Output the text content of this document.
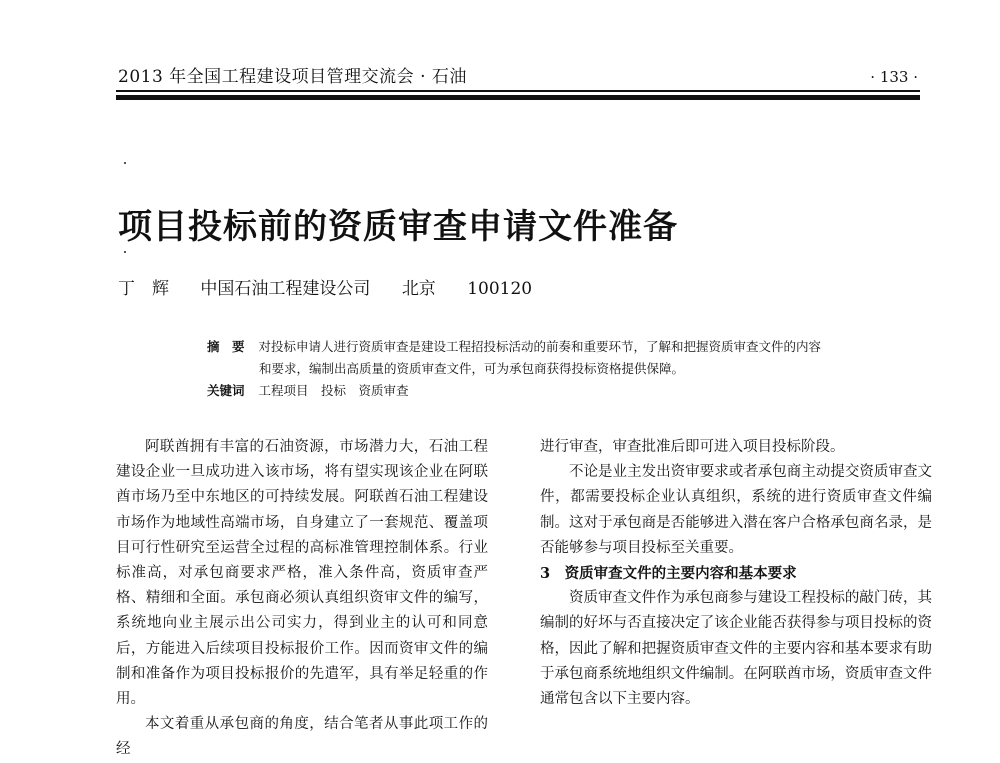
2013 年全国工程建设项目管理交流会 · 石油	· 133 ·
项目投标前的资质审查申请文件准备
丁　辉 中国石油工程建设公司 北京 100120
摘　要 对投标申请人进行资质审查是建设工程招投标活动的前奏和重要环节，了解和把握资质审查文件的内容
和要求，编制出高质量的资质审查文件，可为承包商获得投标资格提供保障。
关键词 工程项目　投标　资质审查

阿联酋拥有丰富的石油资源，市场潜力大，石油工程建设企业一旦成功进入该市场，将有望实现该企业在阿联酋市场乃至中东地区的可持续发展。阿联酋石油工程建设市场作为地域性高端市场，自身建立了一套规范、覆盖项目可行性研究至运营全过程的高标准管理控制体系。行业标准高，对承包商要求严格，准入条件高，资质审查严格、精细和全面。承包商必须认真组织资审文件的编写，系统地向业主展示出公司实力，得到业主的认可和同意后，方能进入后续项目投标报价工作。因而资审文件的编制和准备作为项目投标报价的先遣军，具有举足轻重的作用。

本文着重从承包商的角度，结合笔者从事此项工作的经

进行审查，审查批准后即可进入项目投标阶段。

不论是业主发出资审要求或者承包商主动提交资质审查文件，都需要投标企业认真组织，系统的进行资质审查文件编制。这对于承包商是否能够进入潜在客户合格承包商名录，是否能够参与项目投标至关重要。

3　资质审查文件的主要内容和基本要求

资质审查文件作为承包商参与建设工程投标的敲门砖，其编制的好坏与否直接决定了该企业能否获得参与项目投标的资格，因此了解和把握资质审查文件的主要内容和基本要求有助于承包商系统地组织文件编制。在阿联酋市场，资质审查文件通常包含以下主要内容。
